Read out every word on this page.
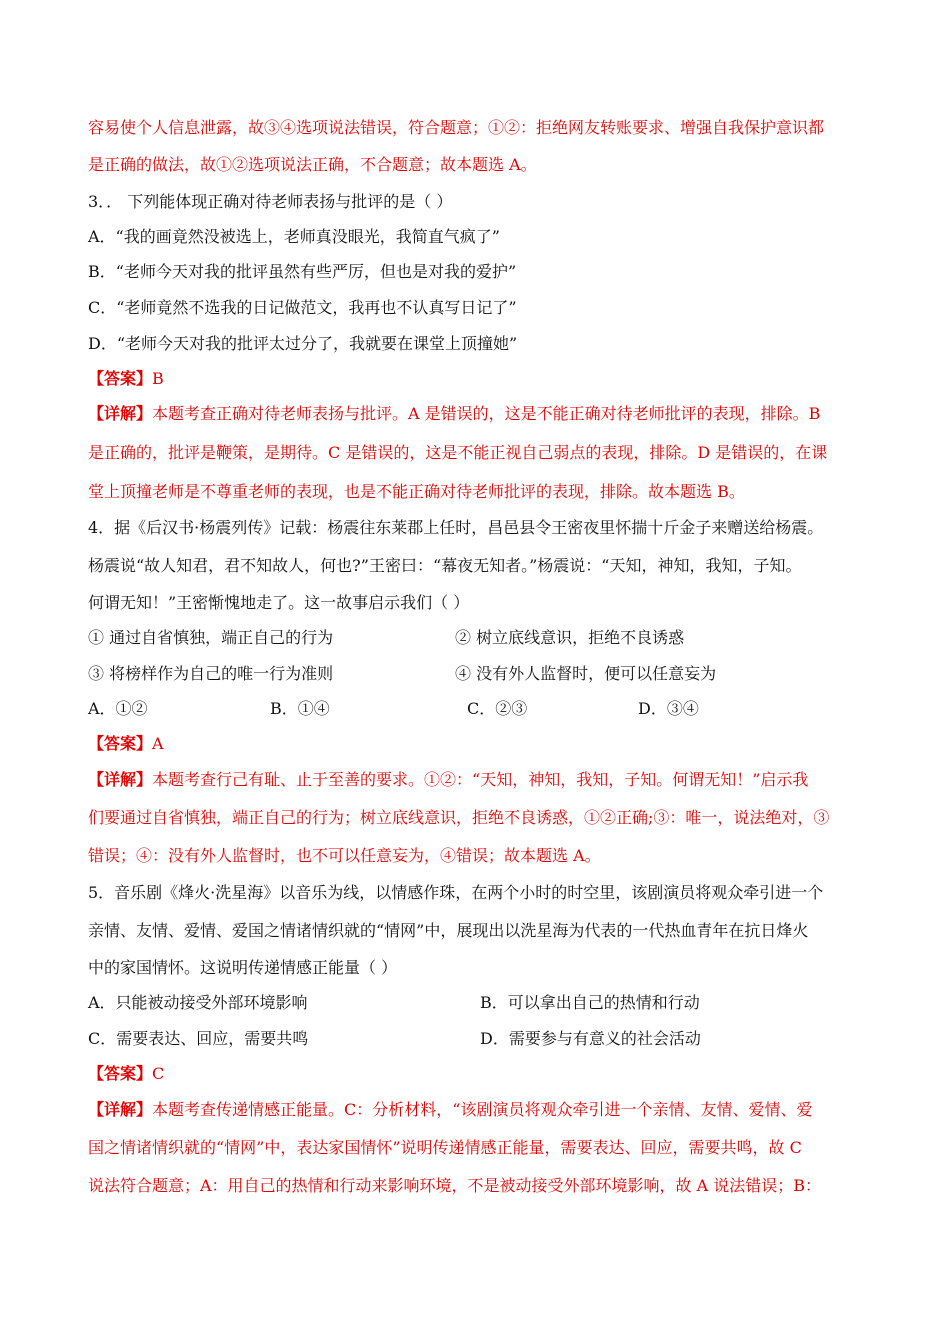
容易使个人信息泄露，故③④选项说法错误，符合题意；①②：拒绝网友转账要求、增强自我保护意识都
是正确的做法，故①②选项说法正确，不合题意；故本题选 A。
3．． 下列能体现正确对待老师表扬与批评的是（ ）
A．“我的画竟然没被选上，老师真没眼光，我简直气疯了”
B．“老师今天对我的批评虽然有些严厉，但也是对我的爱护”
C．“老师竟然不选我的日记做范文，我再也不认真写日记了”
D．“老师今天对我的批评太过分了，我就要在课堂上顶撞她”
【答案】B
【详解】本题考查正确对待老师表扬与批评。A 是错误的，这是不能正确对待老师批评的表现，排除。B
是正确的，批评是鞭策，是期待。C 是错误的，这是不能正视自己弱点的表现，排除。D 是错误的，在课
堂上顶撞老师是不尊重老师的表现，也是不能正确对待老师批评的表现，排除。故本题选 B。
4．据《后汉书·杨震列传》记载：杨震往东莱郡上任时，昌邑县令王密夜里怀揣十斤金子来赠送给杨震。
杨震说“故人知君，君不知故人，何也?”王密曰：“幕夜无知者。”杨震说：“天知，神知，我知，子知。
何谓无知！”王密惭愧地走了。这一故事启示我们（ ）
① 通过自省慎独，端正自己的行为	② 树立底线意识，拒绝不良诱惑
③ 将榜样作为自己的唯一行为准则	④ 没有外人监督时，便可以任意妄为
A．①②	B．①④	C．②③	D．③④
【答案】A
【详解】本题考查行己有耻、止于至善的要求。①②：“天知，神知，我知，子知。何谓无知！”启示我
们要通过自省慎独，端正自己的行为；树立底线意识，拒绝不良诱惑，①②正确;③：唯一，说法绝对，③
错误；④：没有外人监督时，也不可以任意妄为，④错误；故本题选 A。
5．音乐剧《烽火·洗星海》以音乐为线，以情感作珠，在两个小时的时空里，该剧演员将观众牵引进一个
亲情、友情、爱情、爱国之情诸情织就的“情网”中，展现出以洗星海为代表的一代热血青年在抗日烽火
中的家国情怀。这说明传递情感正能量（ ）
A．只能被动接受外部环境影响	B．可以拿出自己的热情和行动
C．需要表达、回应，需要共鸣	D．需要参与有意义的社会活动
【答案】C
【详解】本题考查传递情感正能量。C：分析材料，“该剧演员将观众牵引进一个亲情、友情、爱情、爱
国之情诸情织就的“情网”中，表达家国情怀”说明传递情感正能量，需要表达、回应，需要共鸣，故 C
说法符合题意；A：用自己的热情和行动来影响环境，不是被动接受外部环境影响，故 A 说法错误；B：
